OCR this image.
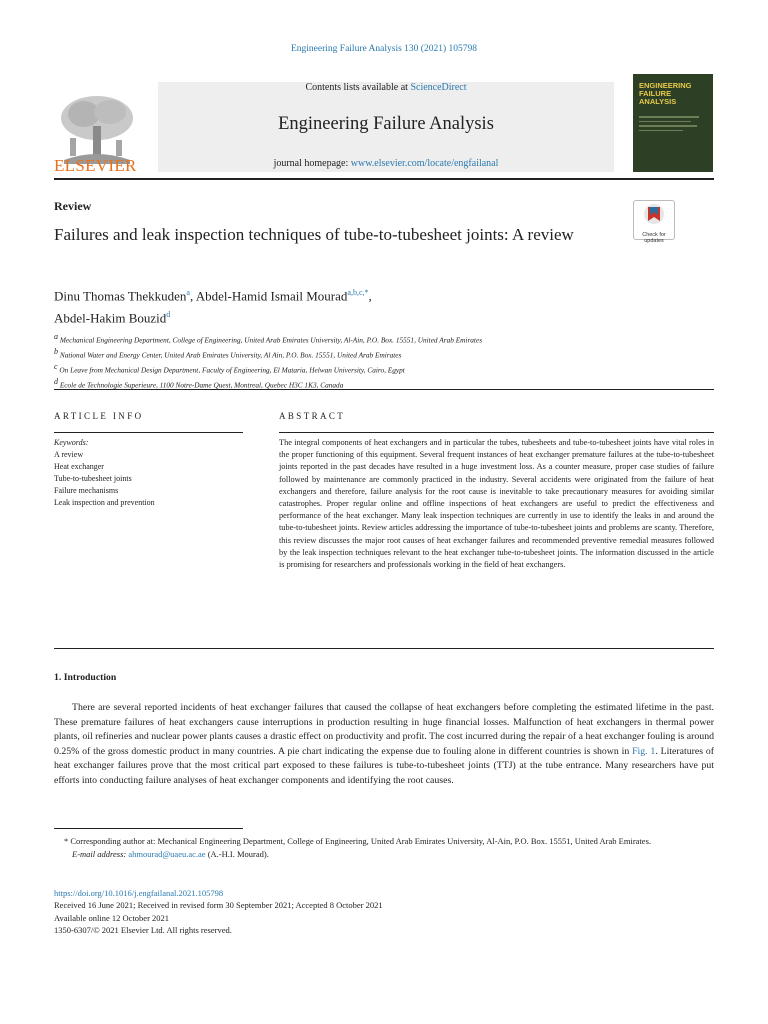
Engineering Failure Analysis 130 (2021) 105798
ELSEVIER
Contents lists available at ScienceDirect
Engineering Failure Analysis
journal homepage: www.elsevier.com/locate/engfailanal
ENGINEERING FAILURE ANALYSIS
Review
Check for updates
Failures and leak inspection techniques of tube-to-tubesheet joints: A review
Dinu Thomas Thekkuden$^a$, Abdel-Hamid Ismail Mourad$^{a,b,c,*}$,
Abdel-Hakim Bouzid$^d$
$^a$ Mechanical Engineering Department, College of Engineering, United Arab Emirates University, Al-Ain, P.O. Box. 15551, United Arab Emirates
$^b$ National Water and Energy Center, United Arab Emirates University, Al Ain, P.O. Box. 15551, United Arab Emirates
$^c$ On Leave from Mechanical Design Department, Faculty of Engineering, El Mataria, Helwan University, Cairo, Egypt
$^d$ Ecole de Technologie Superieure, 1100 Notre-Dame Quest, Montreal, Quebec H3C 1K3, Canada
ARTICLE INFO	ABSTRACT
Keywords:
A review
Heat exchanger
Tube-to-tubesheet joints
Failure mechanisms
Leak inspection and prevention
The integral components of heat exchangers and in particular the tubes, tubesheets and tube-to-tubesheet joints have vital roles in the proper functioning of this equipment. Several frequent instances of heat exchanger premature failures at the tube-to-tubesheet joints reported in the past decades have resulted in a huge investment loss. As a counter measure, proper case studies of failure followed by maintenance are commonly practiced in the industry. Several accidents were originated from the failure of heat exchangers and therefore, failure analysis for the root cause is inevitable to take precautionary measures for avoiding similar catastrophes. Proper regular online and offline inspections of heat exchangers are useful to predict the effectiveness and performance of the heat exchanger. Many leak inspection techniques are currently in use to identify the leaks in and around the tube-to-tubesheet joints. Review articles addressing the importance of tube-to-tubesheet joints and problems are scanty. Therefore, this review discusses the major root causes of heat exchanger failures and recommended preventive remedial measures followed by the leak inspection techniques relevant to the heat exchanger tube-to-tubesheet joints. The information discussed in the article is promising for researchers and professionals working in the field of heat exchangers.
1. Introduction
There are several reported incidents of heat exchanger failures that caused the collapse of heat exchangers before completing the estimated lifetime in the past. These premature failures of heat exchangers cause interruptions in production resulting in huge financial losses. Malfunction of heat exchangers in thermal power plants, oil refineries and nuclear power plants causes a drastic effect on productivity and profit. The cost incurred during the repair of a heat exchanger fouling is around 0.25% of the gross domestic product in many countries. A pie chart indicating the expense due to fouling alone in different countries is shown in Fig. 1. Literatures of heat exchanger failures prove that the most critical part exposed to these failures is tube-to-tubesheet joints (TTJ) at the tube entrance. Many researchers have put efforts into conducting failure analyses of heat exchanger components and identifying the root causes.
* Corresponding author at: Mechanical Engineering Department, College of Engineering, United Arab Emirates University, Al-Ain, P.O. Box. 15551, United Arab Emirates.
E-mail address: ahmourad@uaeu.ac.ae (A.-H.I. Mourad).
https://doi.org/10.1016/j.engfailanal.2021.105798
Received 16 June 2021; Received in revised form 30 September 2021; Accepted 8 October 2021
Available online 12 October 2021
1350-6307/© 2021 Elsevier Ltd. All rights reserved.
